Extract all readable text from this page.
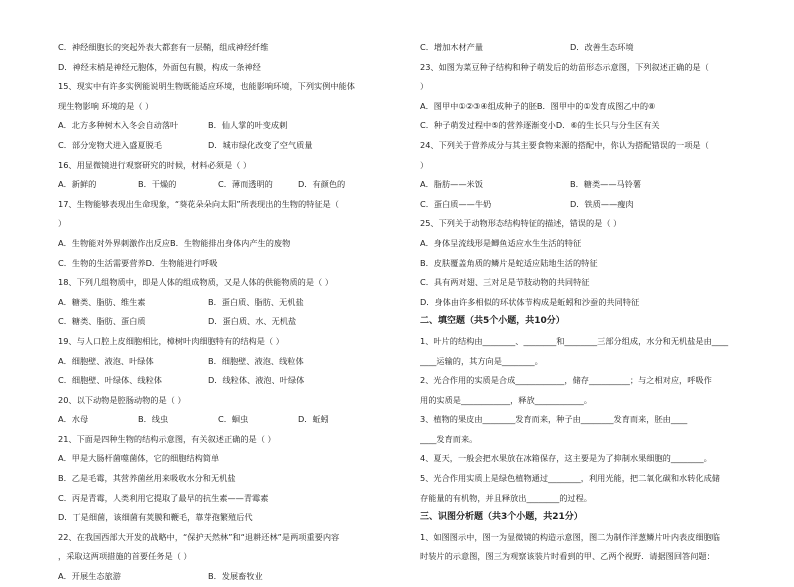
C．神经细胞长的突起外表大都套有一层鞘，组成神经纤维
D．神经末梢是神经元胞体，外面包有膜，构成一条神经
15、现实中有许多实例能说明生物既能适应环境，也能影响环境，下列实例中能体
现生物影响 环境的是（ ）
A．北方多种树木入冬会自动落叶	B．仙人掌的叶变成刺
C．部分宠物犬进入盛夏脱毛	D．城市绿化改变了空气质量
16、用显微镜进行观察研究的时候，材料必须是（ ）
A．新鲜的	B．干燥的	C．薄而透明的	D．有颜色的
17、生物能够表现出生命现象，“葵花朵朵向太阳”所表现出的生物的特征是（
）
A．生物能对外界刺激作出反应B．生物能排出身体内产生的废物
C．生物的生活需要营养D．生物能进行呼吸
18、下列几组物质中，即是人体的组成物质，又是人体的供能物质的是（ ）
A．糖类、脂肪、维生素	B．蛋白质、脂肪、无机盐
C．糖类、脂肪、蛋白质	D．蛋白质、水、无机盐
19、与人口腔上皮细胞相比，樟树叶肉细胞特有的结构是（ ）
A．细胞壁、液泡、叶绿体	B．细胞壁、液泡、线粒体
C．细胞壁、叶绿体、线粒体	D．线粒体、液泡、叶绿体
20、以下动物是腔肠动物的是（ ）
A．水母	B．线虫	C．蛔虫	D．蚯蚓
21、下面是四种生物的结构示意图，有关叙述正确的是（ ）
A．甲是大肠杆菌噬菌体，它的细胞结构简单
B．乙是毛霉，其营养菌丝用来吸收水分和无机盐
C．丙是青霉，人类利用它提取了最早的抗生素——青霉素
D．丁是细菌，该细菌有荚膜和鞭毛，靠芽孢繁殖后代
22、在我国西部大开发的战略中，“保护天然林”和“退耕还林”是两项重要内容
，采取这两项措施的首要任务是（ ）
A．开展生态旅游	B．发展畜牧业
C．增加木材产量	D．改善生态环境
23、如图为菜豆种子结构和种子萌发后的幼苗形态示意图，下列叙述正确的是（
）
A．图甲中①②③④组成种子的胚B．图甲中的①发育成图乙中的⑧
C．种子萌发过程中⑤的营养逐渐变小D．⑥的生长只与分生区有关
24、下列关于营养成分与其主要食物来源的搭配中，你认为搭配错误的一项是（
）
A．脂肪——米饭	B．糖类——马铃薯
C．蛋白质——牛奶	D．铁质——瘦肉
25、下列关于动物形态结构特征的描述，错误的是（ ）
A．身体呈流线形是鲫鱼适应水生生活的特征
B．皮肤覆盖角质的鳞片是蛇适应陆地生活的特征
C．具有两对翅、三对足是节肢动物的共同特征
D．身体由许多相似的环状体节构成是蚯蚓和沙蚕的共同特征
二、填空题（共5个小题，共10分）
1、叶片的结构由________、________和________三部分组成，水分和无机盐是由____
____运输的，其方向是________。
2、光合作用的实质是合成____________，储存__________；与之相对应，呼吸作
用的实质是____________，释放____________。
3、植物的果皮由________发育而来，种子由________发育而来，胚由____
____发育而来。
4、夏天，一般会把水果放在冰箱保存，这主要是为了抑制水果细胞的________。
5、光合作用实质上是绿色植物通过________，利用光能，把二氧化碳和水转化成储
存能量的有机物，并且释放出________的过程。
三、识图分析题（共3个小题，共21分）
1、如图图示中，图一为显微镜的构造示意图，图二为制作洋葱鳞片叶内表皮细胞临
时装片的示意图，图三为观察该装片时看到的甲、乙两个视野．请据图回答问题：
